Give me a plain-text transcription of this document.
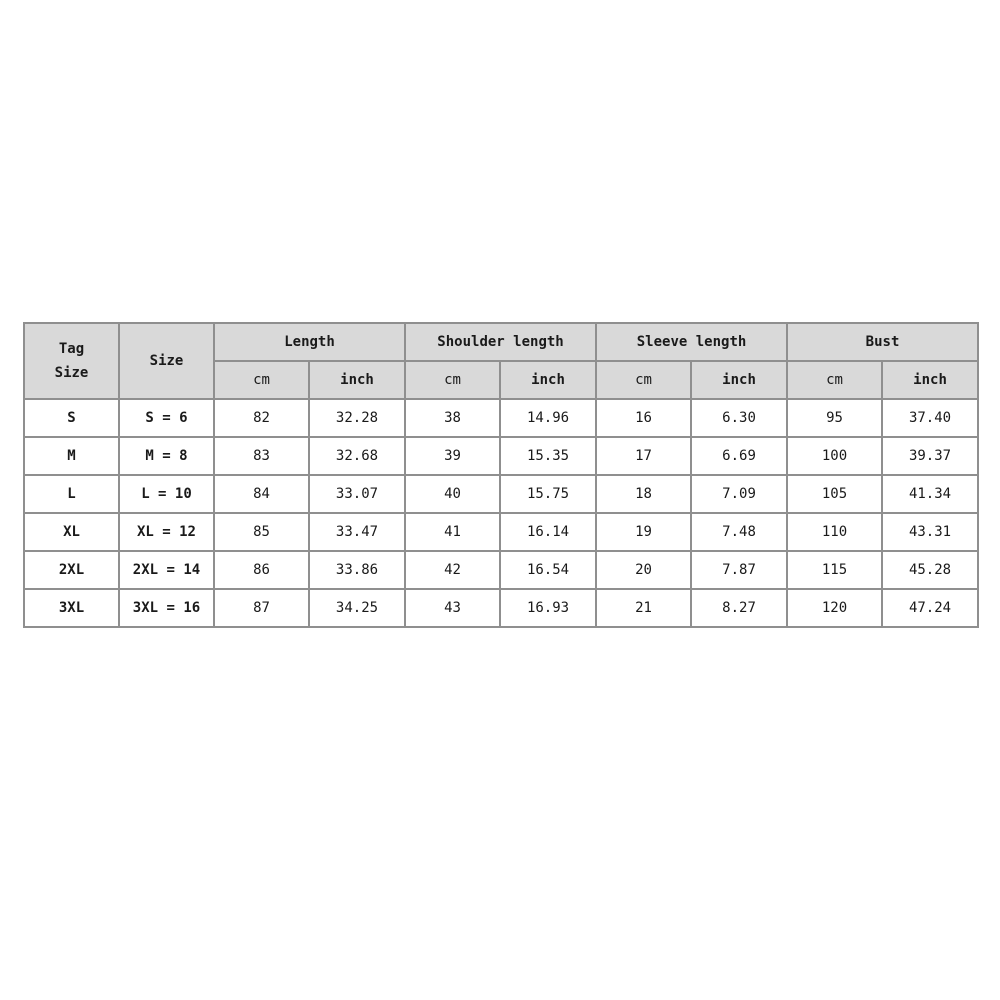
Tag
Size	Size	Length		Shoulder length		Sleeve length		Bust	
		cm	inch	cm	inch	cm	inch	cm	inch
S	S = 6	82	32.28	38	14.96	16	6.30	95	37.40
M	M = 8	83	32.68	39	15.35	17	6.69	100	39.37
L	L = 10	84	33.07	40	15.75	18	7.09	105	41.34
XL	XL = 12	85	33.47	41	16.14	19	7.48	110	43.31
2XL	2XL = 14	86	33.86	42	16.54	20	7.87	115	45.28
3XL	3XL = 16	87	34.25	43	16.93	21	8.27	120	47.24
